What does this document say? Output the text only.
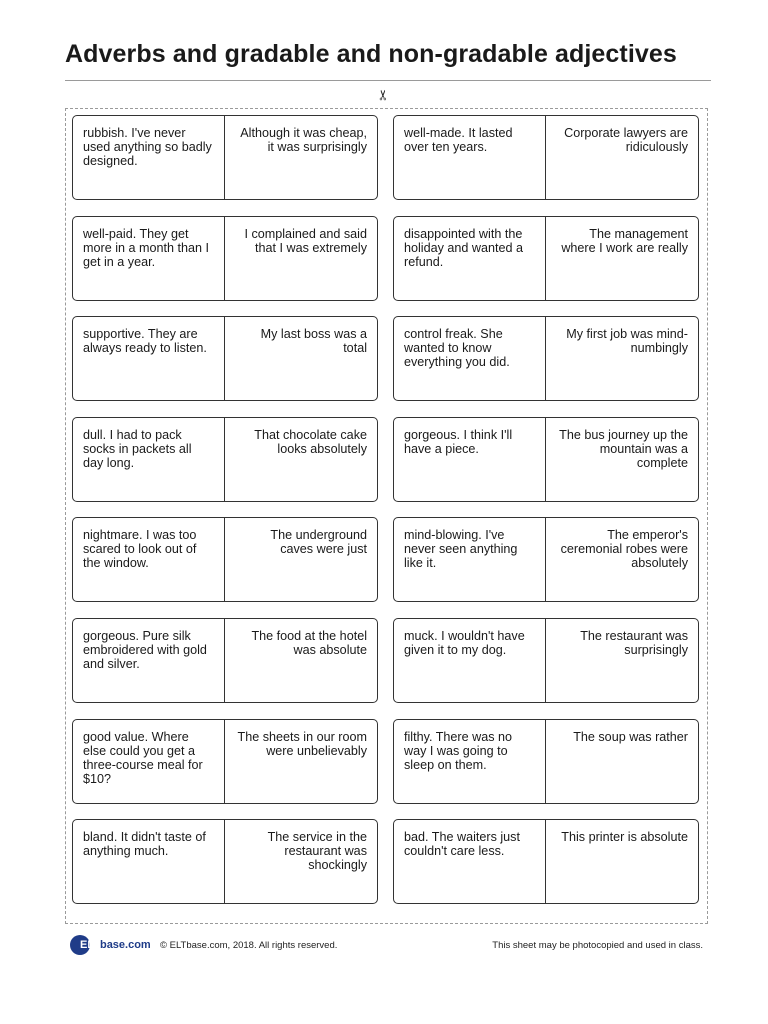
Adverbs and gradable and non-gradable adjectives
✂
rubbish. I've never used anything so badly designed.
Although it was cheap, it was surprisingly
well-made. It lasted over ten years.
Corporate lawyers are ridiculously
well-paid. They get more in a month than I get in a year.
I complained and said that I was extremely
disappointed with the holiday and wanted a refund.
The management where I work are really
supportive. They are always ready to listen.
My last boss was a total
control freak. She wanted to know everything you did.
My first job was mind-numbingly
dull. I had to pack socks in packets all day long.
That chocolate cake looks absolutely
gorgeous. I think I'll have a piece.
The bus journey up the mountain was a complete
nightmare. I was too scared to look out of the window.
The underground caves were just
mind-blowing. I've never seen anything like it.
The emperor's ceremonial robes were absolutely
gorgeous. Pure silk embroidered with gold and silver.
The food at the hotel was absolute
muck. I wouldn't have given it to my dog.
The restaurant was surprisingly
good value. Where else could you get a three-course meal for $10?
The sheets in our room were unbelievably
filthy. There was no way I was going to sleep on them.
The soup was rather
bland. It didn't taste of anything much.
The service in the restaurant was shockingly
bad. The waiters just couldn't care less.
This printer is absolute
ELTbase.com © ELTbase.com, 2018. All rights reserved.	This sheet may be photocopied and used in class.
